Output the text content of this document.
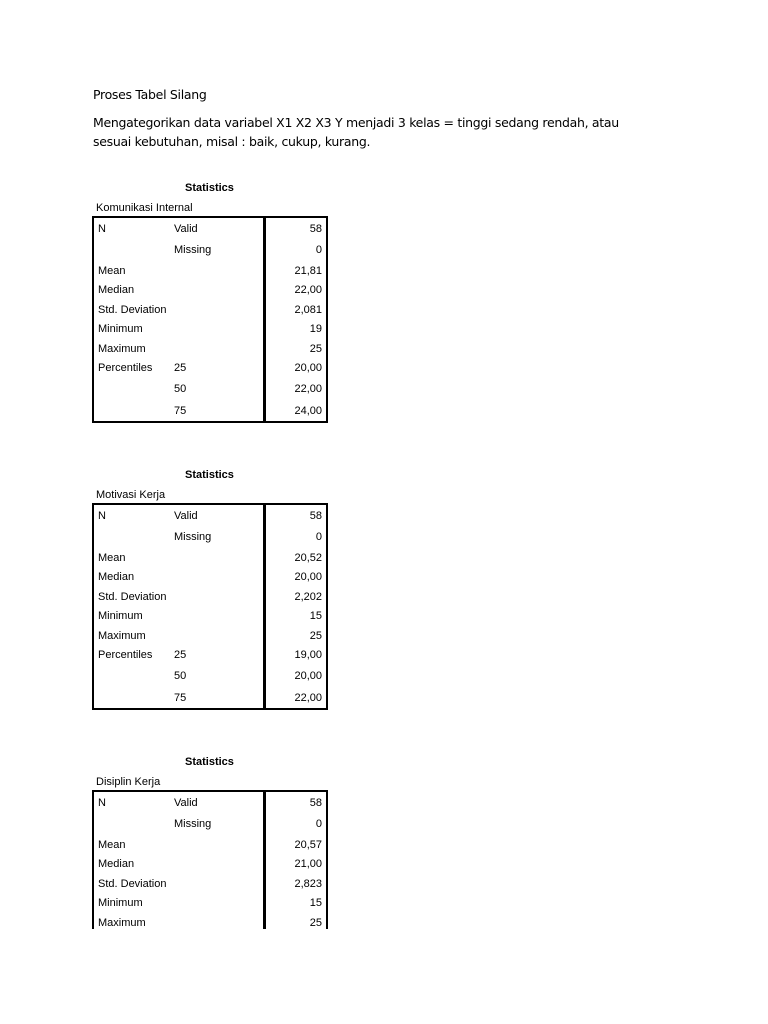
Proses Tabel Silang
Mengategorikan data variabel X1 X2 X3 Y menjadi 3 kelas = tinggi sedang rendah, atau sesuai kebutuhan, misal : baik, cukup, kurang.
Statistics
Komunikasi Internal
N	Valid	58
	Missing	0
Mean		21,81
Median		22,00
Std. Deviation		2,081
Minimum		19
Maximum		25
Percentiles	25	20,00
	50	22,00
	75	24,00
Statistics
Motivasi Kerja
N	Valid	58
	Missing	0
Mean		20,52
Median		20,00
Std. Deviation		2,202
Minimum		15
Maximum		25
Percentiles	25	19,00
	50	20,00
	75	22,00
Statistics
Disiplin Kerja
N	Valid	58
	Missing	0
Mean		20,57
Median		21,00
Std. Deviation		2,823
Minimum		15
Maximum		25
